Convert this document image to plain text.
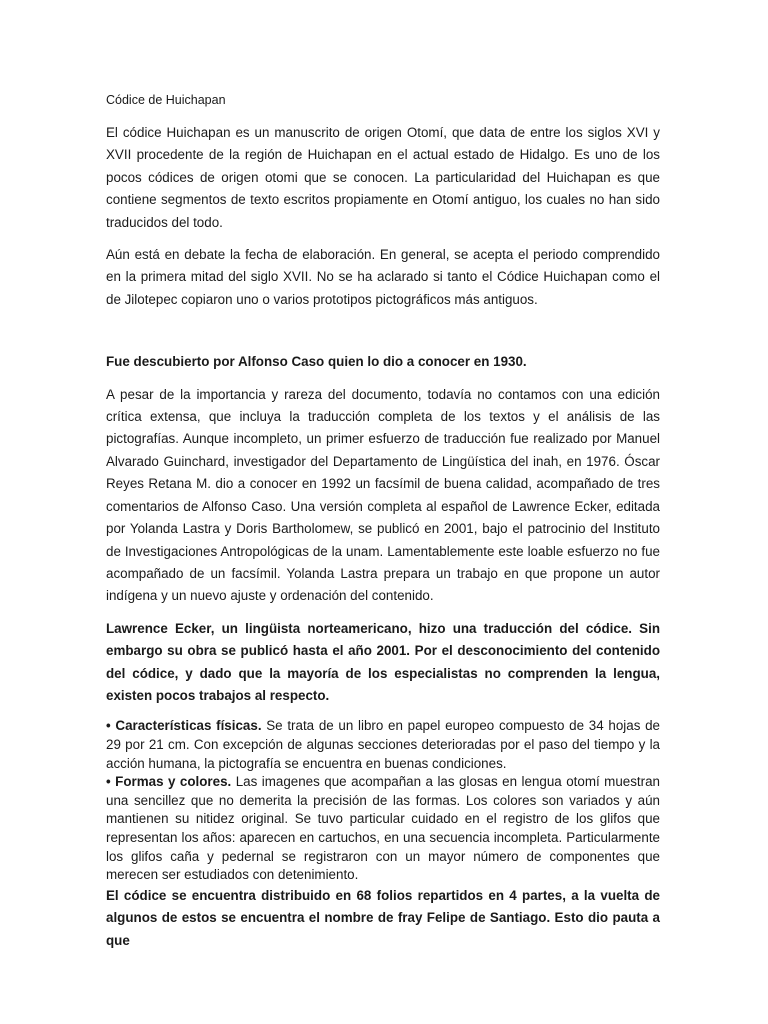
Códice de Huichapan
El códice Huichapan es un manuscrito de origen Otomí, que data de entre los siglos XVI y XVII procedente de la región de Huichapan en el actual estado de Hidalgo. Es uno de los pocos códices de origen otomi que se conocen. La particularidad del Huichapan es que contiene segmentos de texto escritos propiamente en Otomí antiguo, los cuales no han sido traducidos del todo.
Aún está en debate la fecha de elaboración. En general, se acepta el periodo comprendido en la primera mitad del siglo XVII. No se ha aclarado si tanto el Códice Huichapan como el de Jilotepec copiaron uno o varios prototipos pictográficos más antiguos.
Fue descubierto por Alfonso Caso quien lo dio a conocer en 1930.
A pesar de la importancia y rareza del documento, todavía no contamos con una edición crítica extensa, que incluya la traducción completa de los textos y el análisis de las pictografías. Aunque incompleto, un primer esfuerzo de traducción fue realizado por Manuel Alvarado Guinchard, investigador del Departamento de Lingüística del inah, en 1976. Óscar Reyes Retana M. dio a conocer en 1992 un facsímil de buena calidad, acompañado de tres comentarios de Alfonso Caso. Una versión completa al español de Lawrence Ecker, editada por Yolanda Lastra y Doris Bartholomew, se publicó en 2001, bajo el patrocinio del Instituto de Investigaciones Antropológicas de la unam. Lamentablemente este loable esfuerzo no fue acompañado de un facsímil. Yolanda Lastra prepara un trabajo en que propone un autor indígena y un nuevo ajuste y ordenación del contenido.
Lawrence Ecker, un lingüista norteamericano, hizo una traducción del códice. Sin embargo su obra se publicó hasta el año 2001. Por el desconocimiento del contenido del códice, y dado que la mayoría de los especialistas no comprenden la lengua, existen pocos trabajos al respecto.
• Características físicas. Se trata de un libro en papel europeo compuesto de 34 hojas de 29 por 21 cm. Con excepción de algunas secciones deterioradas por el paso del tiempo y la acción humana, la pictografía se encuentra en buenas condiciones.
• Formas y colores. Las imagenes que acompañan a las glosas en lengua otomí muestran una sencillez que no demerita la precisión de las formas. Los colores son variados y aún mantienen su nitidez original. Se tuvo particular cuidado en el registro de los glifos que representan los años: aparecen en cartuchos, en una secuencia incompleta. Particularmente los glifos caña y pedernal se registraron con un mayor número de componentes que merecen ser estudiados con detenimiento.
El códice se encuentra distribuido en 68 folios repartidos en 4 partes, a la vuelta de algunos de estos se encuentra el nombre de fray Felipe de Santiago. Esto dio pauta a que
